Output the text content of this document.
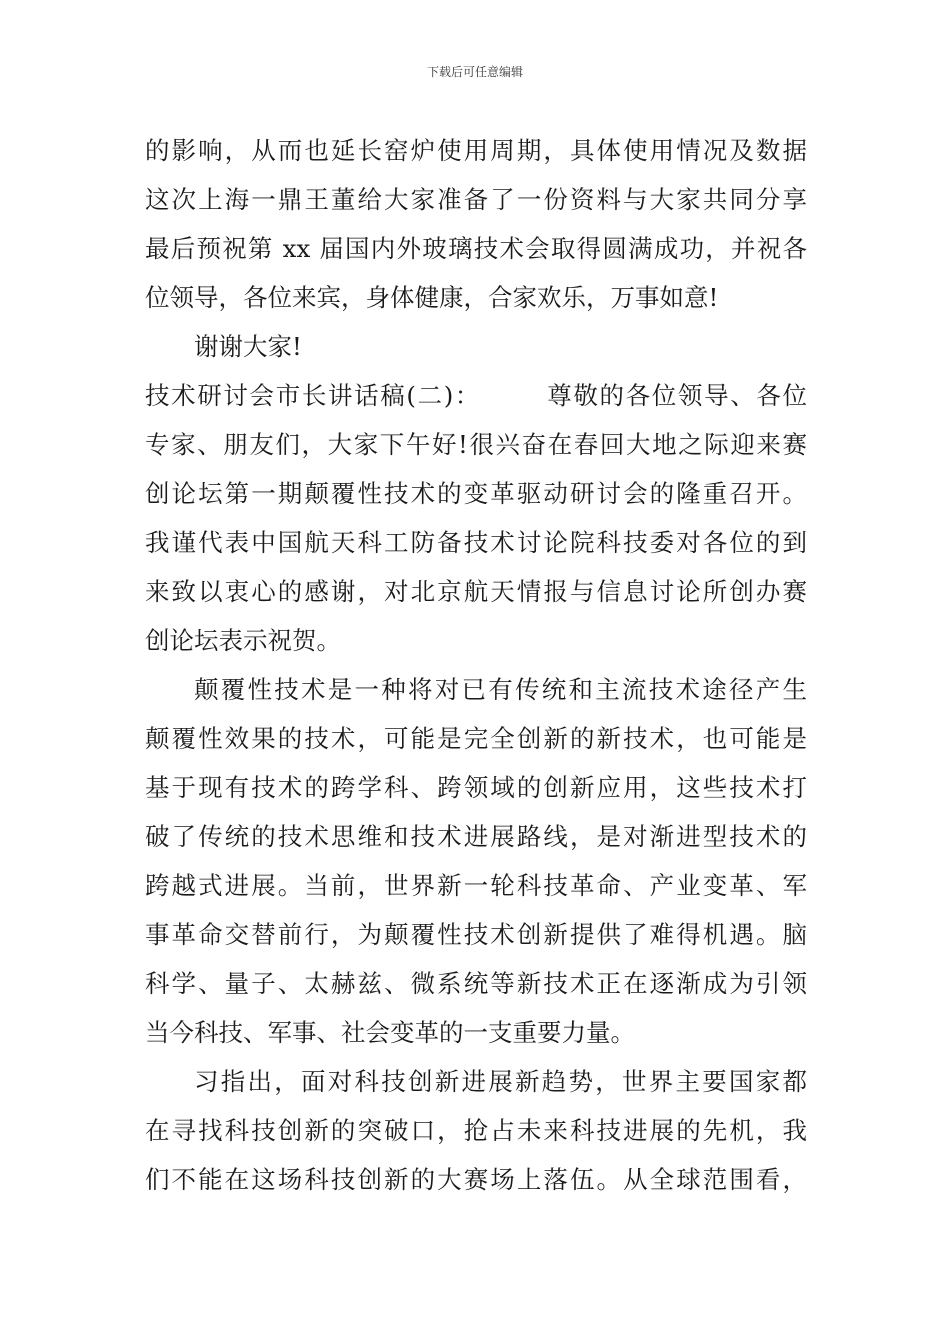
下载后可任意编辑
的影响，从而也延长窑炉使用周期，具体使用情况及数据
这次上海一鼎王董给大家准备了一份资料与大家共同分享
最后预祝第 xx 届国内外玻璃技术会取得圆满成功，并祝各
位领导，各位来宾，身体健康，合家欢乐，万事如意!
谢谢大家!
技术研讨会市长讲话稿(二)：　　　尊敬的各位领导、各位
专家、朋友们，大家下午好!很兴奋在春回大地之际迎来赛
创论坛第一期颠覆性技术的变革驱动研讨会的隆重召开。
我谨代表中国航天科工防备技术讨论院科技委对各位的到
来致以衷心的感谢，对北京航天情报与信息讨论所创办赛
创论坛表示祝贺。
颠覆性技术是一种将对已有传统和主流技术途径产生
颠覆性效果的技术，可能是完全创新的新技术，也可能是
基于现有技术的跨学科、跨领域的创新应用，这些技术打
破了传统的技术思维和技术进展路线，是对渐进型技术的
跨越式进展。当前，世界新一轮科技革命、产业变革、军
事革命交替前行，为颠覆性技术创新提供了难得机遇。脑
科学、量子、太赫兹、微系统等新技术正在逐渐成为引领
当今科技、军事、社会变革的一支重要力量。
习指出，面对科技创新进展新趋势，世界主要国家都
在寻找科技创新的突破口，抢占未来科技进展的先机，我
们不能在这场科技创新的大赛场上落伍。从全球范围看，
